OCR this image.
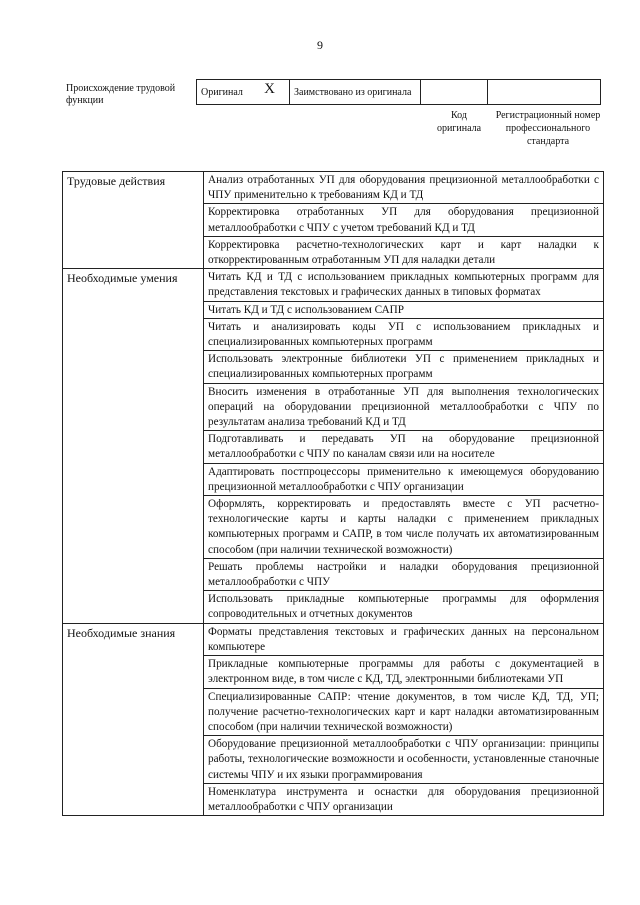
9
Происхождение трудовой функции
Оригинал X	Заимствовано из оригинала		
Код оригинала
Регистрационный номер профессионального стандарта
Трудовые действия	Анализ отработанных УП для оборудования прецизионной металлообработки с ЧПУ применительно к требованиям КД и ТД
	Корректировка отработанных УП для оборудования прецизионной металлообработки с ЧПУ с учетом требований КД и ТД
	Корректировка расчетно-технологических карт и карт наладки к откорректированным отработанным УП для наладки детали
Необходимые умения	Читать КД и ТД с использованием прикладных компьютерных программ для представления текстовых и графических данных в типовых форматах
	Читать КД и ТД с использованием САПР
	Читать и анализировать коды УП с использованием прикладных и специализированных компьютерных программ
	Использовать электронные библиотеки УП с применением прикладных и специализированных компьютерных программ
	Вносить изменения в отработанные УП для выполнения технологических операций на оборудовании прецизионной металлообработки с ЧПУ по результатам анализа требований КД и ТД
	Подготавливать и передавать УП на оборудование прецизионной металлообработки с ЧПУ по каналам связи или на носителе
	Адаптировать постпроцессоры применительно к имеющемуся оборудованию прецизионной металлообработки с ЧПУ организации
	Оформлять, корректировать и предоставлять вместе с УП расчетно-технологические карты и карты наладки с применением прикладных компьютерных программ и САПР, в том числе получать их автоматизированным способом (при наличии технической возможности)
	Решать проблемы настройки и наладки оборудования прецизионной металлообработки с ЧПУ
	Использовать прикладные компьютерные программы для оформления сопроводительных и отчетных документов
Необходимые знания	Форматы представления текстовых и графических данных на персональном компьютере
	Прикладные компьютерные программы для работы с документацией в электронном виде, в том числе с КД, ТД, электронными библиотеками УП
	Специализированные САПР: чтение документов, в том числе КД, ТД, УП; получение расчетно-технологических карт и карт наладки автоматизированным способом (при наличии технической возможности)
	Оборудование прецизионной металлообработки с ЧПУ организации: принципы работы, технологические возможности и особенности, установленные станочные системы ЧПУ и их языки программирования
	Номенклатура инструмента и оснастки для оборудования прецизионной металлообработки с ЧПУ организации
